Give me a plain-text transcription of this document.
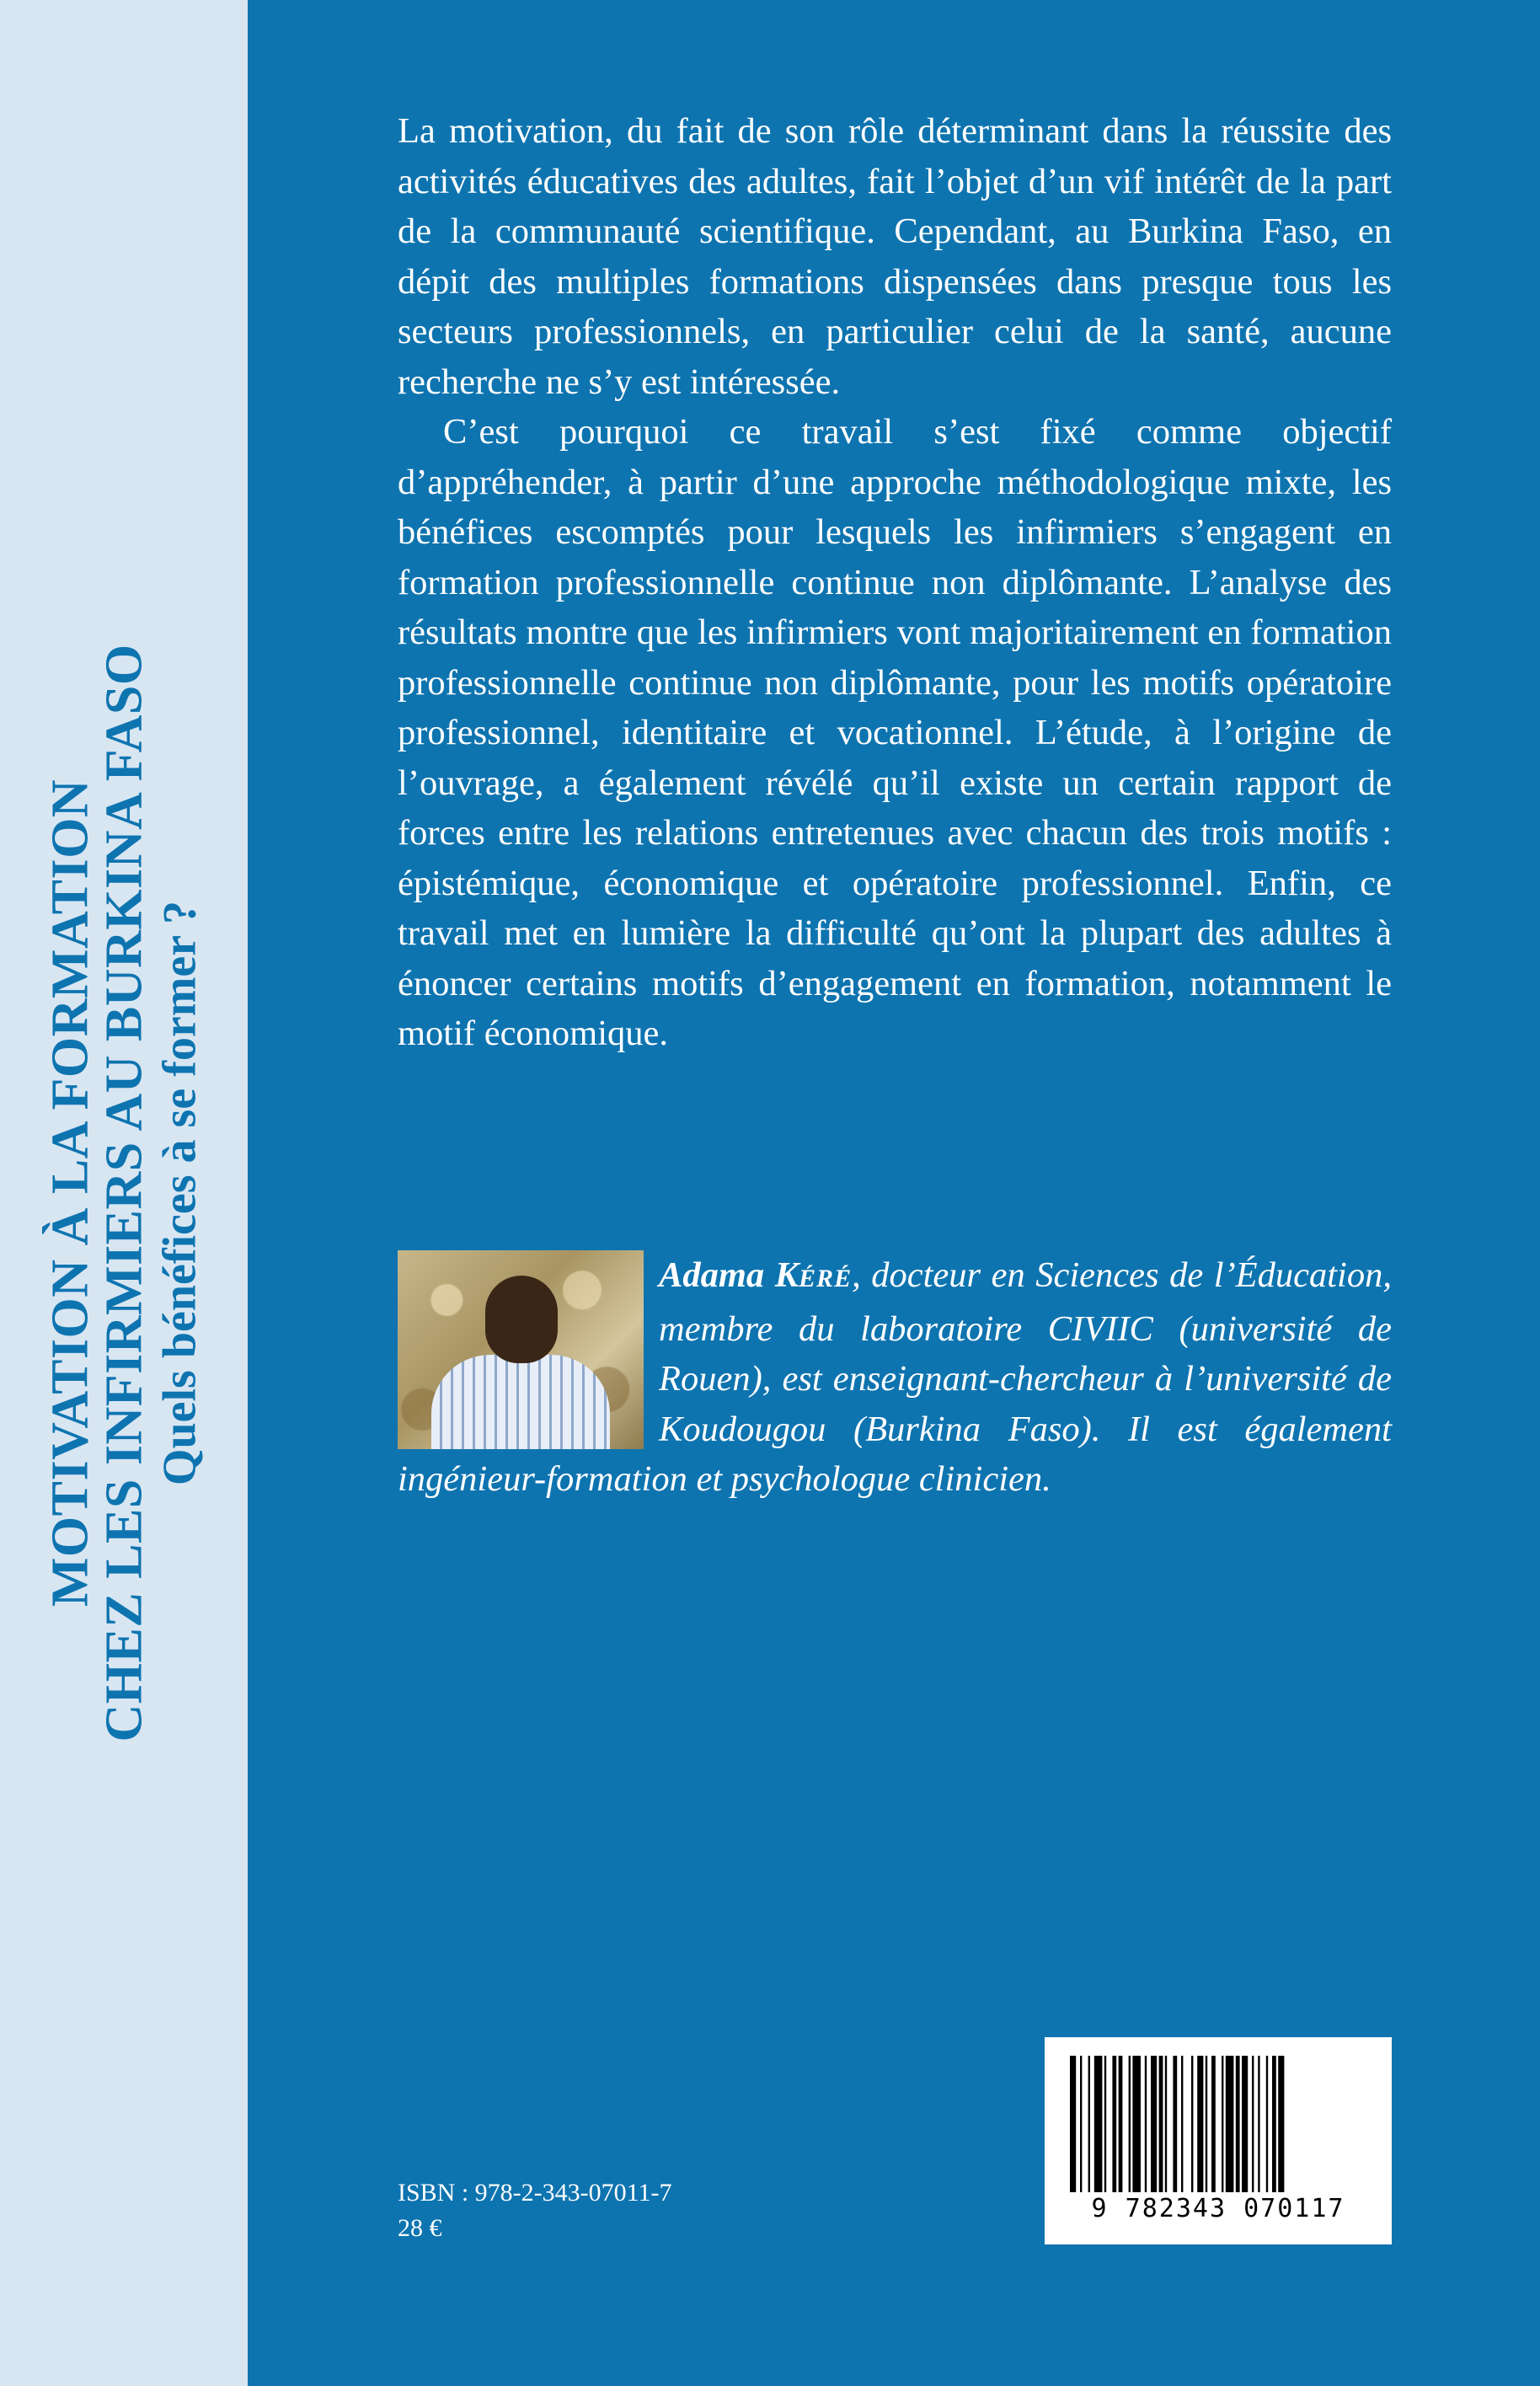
MOTIVATION À LA FORMATION
CHEZ LES INFIRMIERS AU BURKINA FASO Quels bénéfices à se former ?

La motivation, du fait de son rôle déterminant dans la réussite des activités éducatives des adultes, fait l’objet d’un vif intérêt de la part de la communauté scientifique. Cependant, au Burkina Faso, en dépit des multiples formations dispensées dans presque tous les secteurs professionnels, en particulier celui de la santé, aucune recherche ne s’y est intéressée.

C’est pourquoi ce travail s’est fixé comme objectif d’appréhender, à partir d’une approche méthodologique mixte, les bénéfices escomptés pour lesquels les infirmiers s’engagent en formation professionnelle continue non diplômante. L’analyse des résultats montre que les infirmiers vont majoritairement en formation professionnelle continue non diplômante, pour les motifs opératoire professionnel, identitaire et vocationnel. L’étude, à l’origine de l’ouvrage, a également révélé qu’il existe un certain rapport de forces entre les relations entretenues avec chacun des trois motifs : épistémique, économique et opératoire professionnel. Enfin, ce travail met en lumière la difficulté qu’ont la plupart des adultes à énoncer certains motifs d’engagement en formation, notamment le motif économique.

Adama KÉRÉ, docteur en Sciences de l’Éducation, membre du laboratoire CIVIIC (université de Rouen), est enseignant-chercheur à l’université de Koudougou (Burkina Faso). Il est également ingénieur-formation et psychologue clinicien.
ISBN : 978-2-343-07011-7
28 €
9 782343 070117
